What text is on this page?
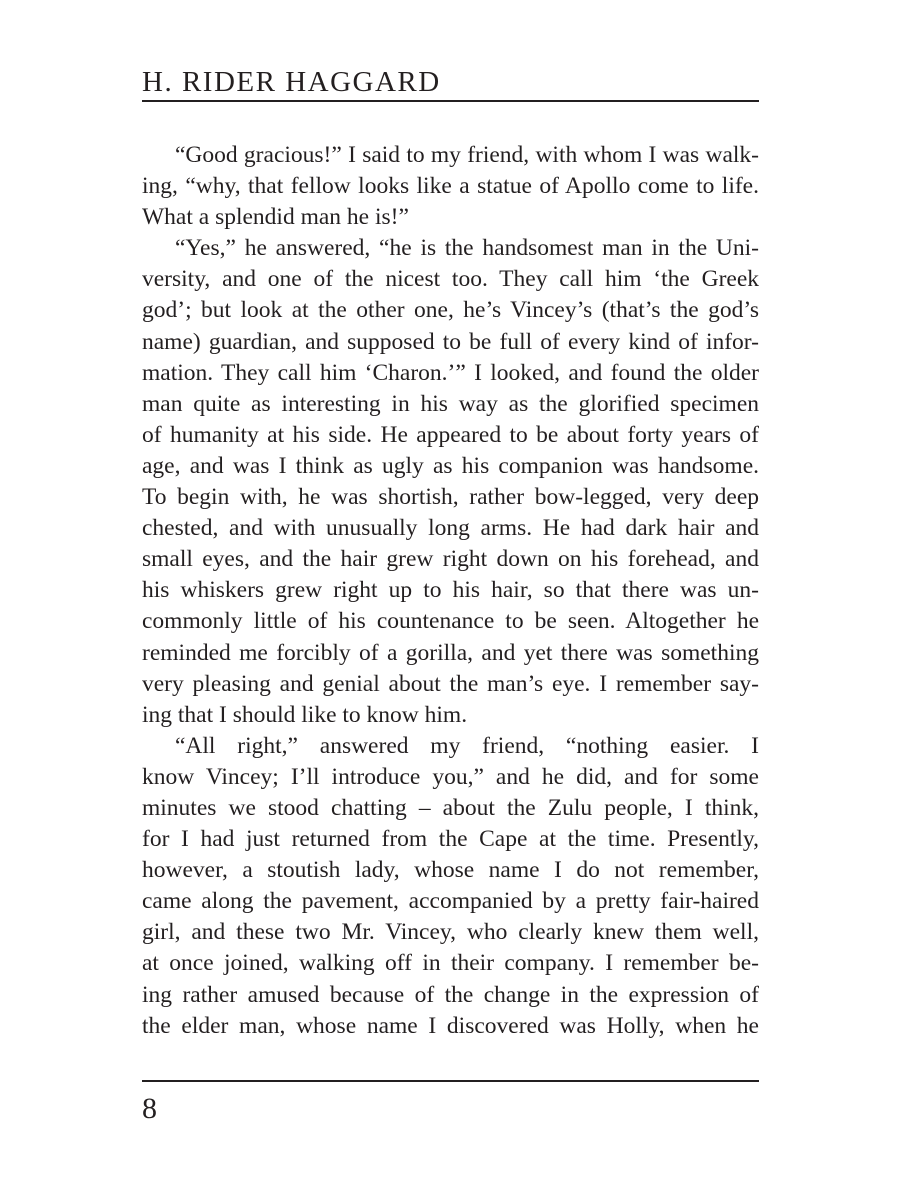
H. RIDER HAGGARD
“Good gracious!” I said to my friend, with whom I was walk-
ing, “why, that fellow looks like a statue of Apollo come to life.
What a splendid man he is!”
“Yes,” he answered, “he is the handsomest man in the Uni-
versity, and one of the nicest too. They call him ‘the Greek
god’; but look at the other one, he’s Vincey’s (that’s the god’s
name) guardian, and supposed to be full of every kind of infor-
mation. They call him ‘Charon.’” I looked, and found the older
man quite as interesting in his way as the glorified specimen
of humanity at his side. He appeared to be about forty years of
age, and was I think as ugly as his companion was handsome.
To begin with, he was shortish, rather bow-legged, very deep
chested, and with unusually long arms. He had dark hair and
small eyes, and the hair grew right down on his forehead, and
his whiskers grew right up to his hair, so that there was un-
commonly little of his countenance to be seen. Altogether he
reminded me forcibly of a gorilla, and yet there was something
very pleasing and genial about the man’s eye. I remember say-
ing that I should like to know him.
“All right,” answered my friend, “nothing easier. I
know Vincey; I’ll introduce you,” and he did, and for some
minutes we stood chatting – about the Zulu people, I think,
for I had just returned from the Cape at the time. Presently,
however, a stoutish lady, whose name I do not remember,
came along the pavement, accompanied by a pretty fair-haired
girl, and these two Mr. Vincey, who clearly knew them well,
at once joined, walking off in their company. I remember be-
ing rather amused because of the change in the expression of
the elder man, whose name I discovered was Holly, when he
8
